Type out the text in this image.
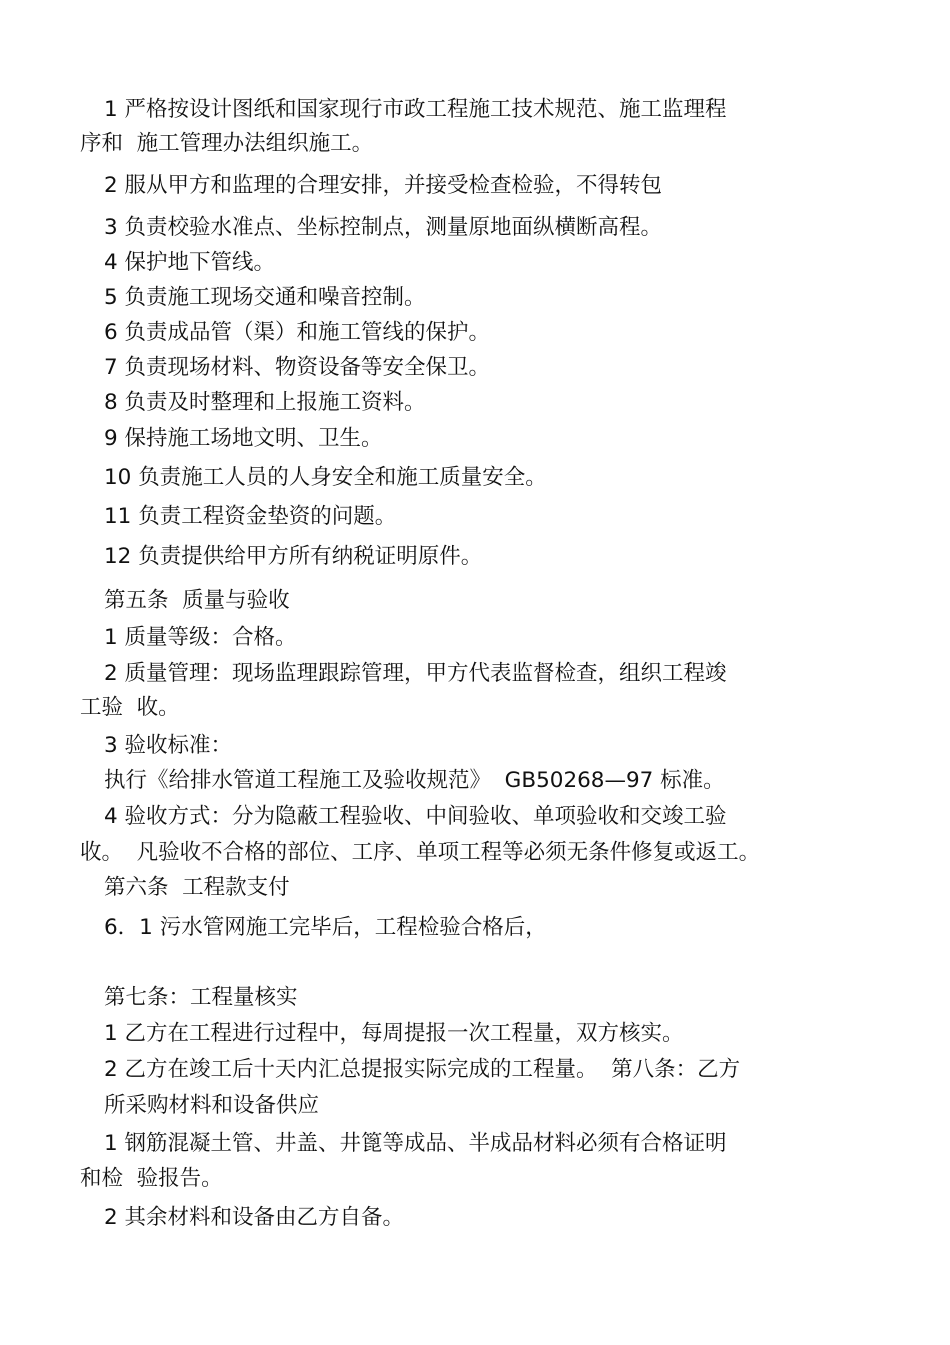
1 严格按设计图纸和国家现行市政工程施工技术规范、施工监理程
序和  施工管理办法组织施工。
2 服从甲方和监理的合理安排，并接受检查检验，不得转包
3 负责校验水准点、坐标控制点，测量原地面纵横断高程。
4 保护地下管线。
5 负责施工现场交通和噪音控制。
6 负责成品管（渠）和施工管线的保护。
7 负责现场材料、物资设备等安全保卫。
8 负责及时整理和上报施工资料。
9 保持施工场地文明、卫生。
10 负责施工人员的人身安全和施工质量安全。
11 负责工程资金垫资的问题。
12 负责提供给甲方所有纳税证明原件。
第五条  质量与验收
1 质量等级：合格。
2 质量管理：现场监理跟踪管理，甲方代表监督检查，组织工程竣
工验  收。
3 验收标准：
执行《给排水管道工程施工及验收规范》  GB50268—97 标准。
4 验收方式：分为隐蔽工程验收、中间验收、单项验收和交竣工验
收。  凡验收不合格的部位、工序、单项工程等必须无条件修复或返工。
第六条  工程款支付
6．1 污水管网施工完毕后，工程检验合格后，
第七条：工程量核实
1 乙方在工程进行过程中，每周提报一次工程量，双方核实。
2 乙方在竣工后十天内汇总提报实际完成的工程量。  第八条：乙方
所采购材料和设备供应
1 钢筋混凝土管、井盖、井篦等成品、半成品材料必须有合格证明
和检  验报告。
2 其余材料和设备由乙方自备。
